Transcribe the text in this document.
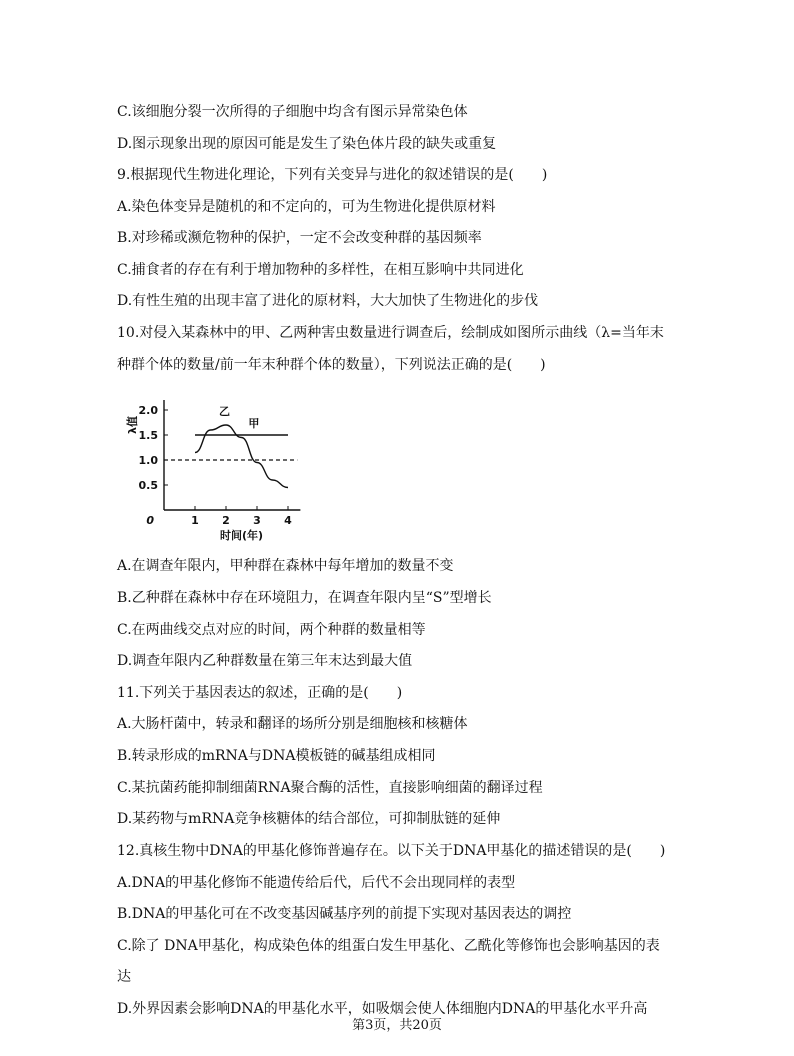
C.该细胞分裂一次所得的子细胞中均含有图示异常染色体
D.图示现象出现的原因可能是发生了染色体片段的缺失或重复
9.根据现代生物进化理论，下列有关变异与进化的叙述错误的是(　　)
A.染色体变异是随机的和不定向的，可为生物进化提供原材料
B.对珍稀或濒危物种的保护，一定不会改变种群的基因频率
C.捕食者的存在有利于增加物种的多样性，在相互影响中共同进化
D.有性生殖的出现丰富了进化的原材料，大大加快了生物进化的步伐
10.对侵入某森林中的甲、乙两种害虫数量进行调查后，绘制成如图所示曲线（λ=当年末
种群个体的数量/前一年末种群个体的数量），下列说法正确的是(　　)
1 2 3 4
0.5
1.0
1.5
2.0
0
时间(年)
λ值	甲
乙
A.在调查年限内，甲种群在森林中每年增加的数量不变
B.乙种群在森林中存在环境阻力，在调查年限内呈“S”型增长
C.在两曲线交点对应的时间，两个种群的数量相等
D.调查年限内乙种群数量在第三年末达到最大值
11.下列关于基因表达的叙述，正确的是(　　)
A.大肠杆菌中，转录和翻译的场所分别是细胞核和核糖体
B.转录形成的mRNA与DNA模板链的碱基组成相同
C.某抗菌药能抑制细菌RNA聚合酶的活性，直接影响细菌的翻译过程
D.某药物与mRNA竞争核糖体的结合部位，可抑制肽链的延伸
12.真核生物中DNA的甲基化修饰普遍存在。以下关于DNA甲基化的描述错误的是(　　)
A.DNA的甲基化修饰不能遗传给后代，后代不会出现同样的表型
B.DNA的甲基化可在不改变基因碱基序列的前提下实现对基因表达的调控
C.除了 DNA甲基化，构成染色体的组蛋白发生甲基化、乙酰化等修饰也会影响基因的表
达
D.外界因素会影响DNA的甲基化水平，如吸烟会使人体细胞内DNA的甲基化水平升高
第3页，共20页
